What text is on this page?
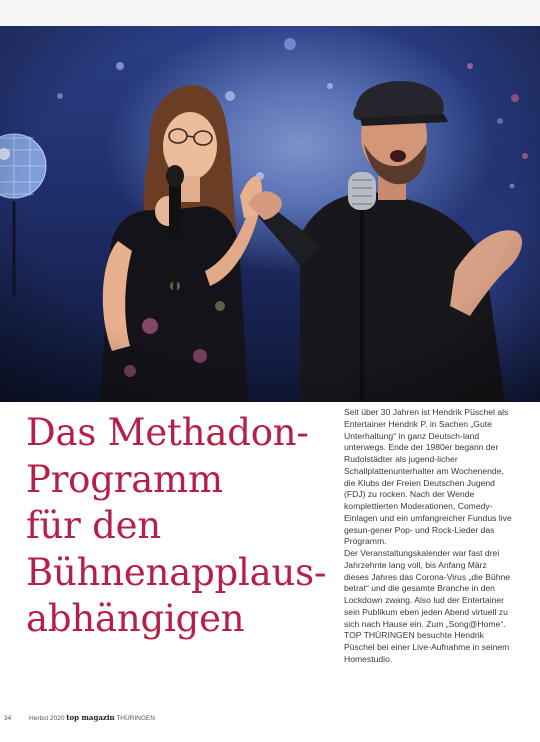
Das Methadon-
Programm
für den
Bühnenapplaus-
abhängigen

Seit über 30 Jahren ist Hendrik Püschel als Entertainer Hendrik P. in Sachen „Gute Unterhaltung“ in ganz Deutsch-land unterwegs. Ende der 1980er begann der Rudolstädter als jugend-licher Schallplattenunterhalter am Wochenende, die Klubs der Freien Deutschen Jugend (FDJ) zu rocken. Nach der Wende komplettierten Moderationen, Comedy-Einlagen und ein umfangreicher Fundus live gesun-gener Pop- und Rock-Lieder das Programm.

Der Veranstaltungskalender war fast drei Jahrzehnte lang voll, bis Anfang März dieses Jahres das Corona-Virus „die Bühne betrat“ und die gesamte Branche in den Lockdown zwang. Also lud der Entertainer sein Publikum eben jeden Abend virtuell zu sich nach Hause ein. Zum „Song@Home“. TOP THÜRINGEN besuchte Hendrik Püschel bei einer Live-Aufnahme in seinem Homestudio.

34	Herbst 2020 top magazin THÜRINGEN
